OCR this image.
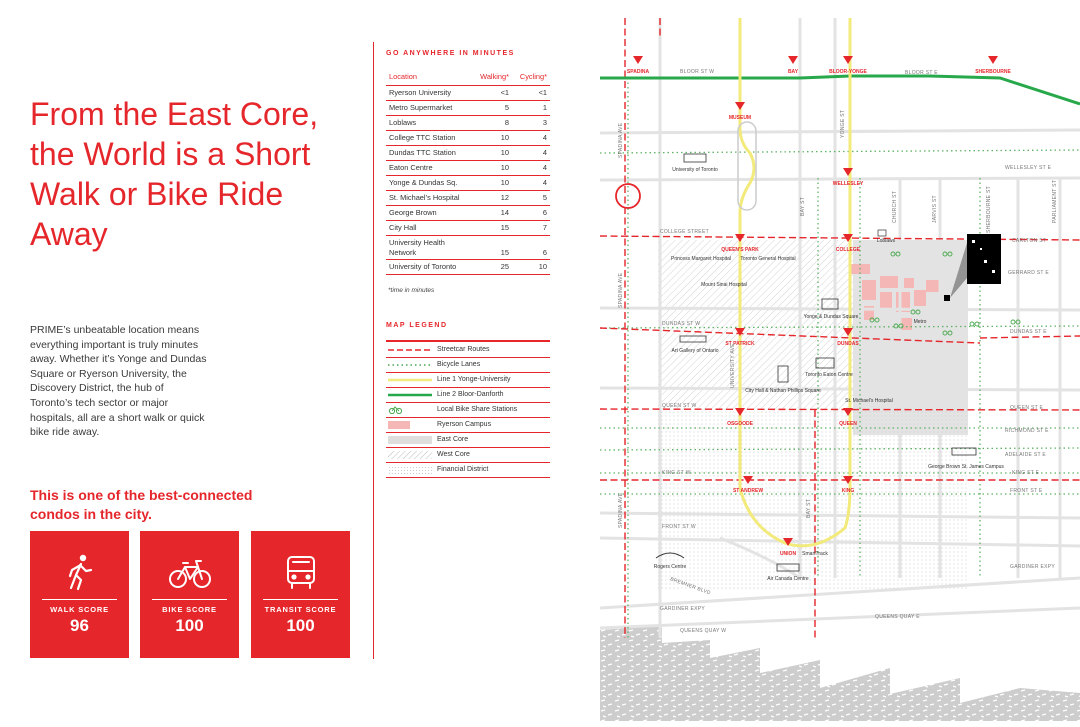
From the East Core, the World is a Short Walk or Bike Ride Away
PRIME’s unbeatable location means everything important is truly minutes away. Whether it’s Yonge and Dundas Square or Ryerson University, the Discovery District, the hub of Toronto’s tech sector or major hospitals, all are a short walk or quick bike ride away.
This is one of the best-connected condos in the city.
WALK SCORE
96
BIKE SCORE
100
TRANSIT SCORE
100
GO ANYWHERE IN MINUTES
Location	Walking*	Cycling*
Ryerson University	<1	<1
Metro Supermarket	5	1
Loblaws	8	3
College TTC Station	10	4
Dundas TTC Station	10	4
Eaton Centre	10	4
Yonge & Dundas Sq.	10	4
St. Michael’s Hospital	12	5
George Brown	14	6
City Hall	15	7
University Health Network	15	6
University of Toronto	25	10
*time in minutes
MAP LEGEND
Streetcar Routes
Bicycle Lanes
Line 1 Yonge-University
Line 2 Bloor-Danforth
Local Bike Share Stations
Ryerson Campus
East Core
West Core
Financial District
SPADINA	BAY	BLOOR-YONGE	SHERBOURNE
MUSEUM
WELLESLEY
QUEEN'S PARK	COLLEGE
ST PATRICK	DUNDAS
OSGOODE	QUEEN
ST ANDREW	KING
UNION
BLOOR ST W	BLOOR ST E
WELLESLEY ST E
COLLEGE STREET
CARLTON ST
GERRARD ST E
DUNDAS ST W
DUNDAS ST E
QUEEN ST W	QUEEN ST E
RICHMOND ST E
ADELAIDE ST E
KING ST W	KING ST E
FRONT ST E
FRONT ST W
GARDINER EXPY
QUEENS QUAY W
QUEENS QUAY E
BREMNER BLVD
GARDINER EXPY
SPADINA AVE
SPADINA AVE
SPADINA AVE
BAY ST
BAY ST
YONGE ST
CHURCH ST	JARVIS ST	SHERBOURNE ST	PARLIAMENT ST
UNIVERSITY AVE
University of Toronto
Loblaws
Princess Margaret Hospital Toronto General Hospital
Mount Sinai Hospital
Yonge & Dundas Square
Metro
Art Gallery of Ontario
Toronto Eaton Centre
City Hall & Nathan Phillips Square
St. Michael's Hospital
George Brown St. James Campus
Rogers Centre
Air Canada Centre
SmartTrack
